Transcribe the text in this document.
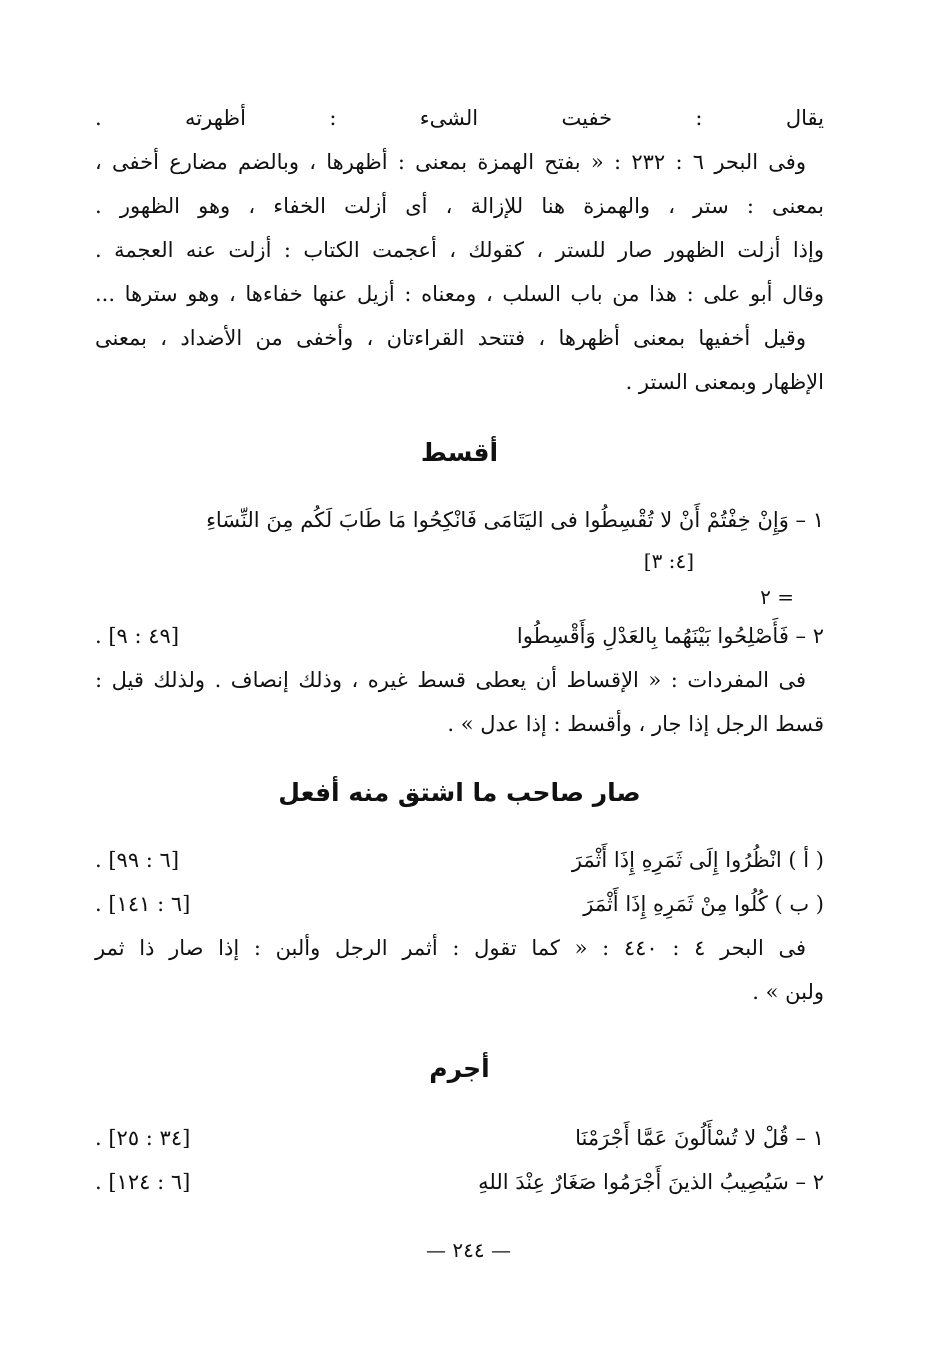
يقال : خفيت الشىء : أظهرته .
وفى البحر ٦ : ٢٣٢ : « بفتح الهمزة بمعنى : أظهرها ، وبالضم مضارع أخفى ،
بمعنى : ستر ، والهمزة هنا للإزالة ، أى أزلت الخفاء ، وهو الظهور .
وإذا أزلت الظهور صار للستر ، كقولك ، أعجمت الكتاب : أزلت عنه العجمة .
وقال أبو على : هذا من باب السلب ، ومعناه : أزيل عنها خفاءها ، وهو سترها ...
وقيل أخفيها بمعنى أظهرها ، فتتحد القراءتان ، وأخفى من الأضداد ، بمعنى
الإظهار وبمعنى الستر .
أقسط
١ – وَإِنْ خِفْتُمْ أَنْ لا تُقْسِطُوا فى اليَتَامَى فَانْكِحُوا مَا طَابَ لَكُم مِنَ النِّسَاءِ
[٤: ٣]
= ٢
٢ – فَأَصْلِحُوا بَيْنَهُما بِالعَدْلِ وَأَقْسِطُوا
[٤٩ : ٩] .
فى المفردات : « الإقساط أن يعطى قسط غيره ، وذلك إنصاف . ولذلك قيل :
قسط الرجل إذا جار ، وأقسط : إذا عدل » .
صار صاحب ما اشتق منه أفعل
( أ ) انْظُرُوا إِلَى ثَمَرِهِ إِذَا أَثْمَرَ
[٦ : ٩٩] .
( ب ) كُلُوا مِنْ ثَمَرِهِ إِذَا أَثْمَرَ
[٦ : ١٤١] .
فى البحر ٤ : ٤٤٠ : « كما تقول : أثمر الرجل وألبن : إذا صار ذا ثمر
ولبن » .
أجرم
١ – قُلْ لا تُسْأَلُونَ عَمَّا أَجْرَمْنَا
[٣٤ : ٢٥] .
٢ – سَيُصِيبُ الذينَ أَجْرَمُوا صَغَارٌ عِنْدَ اللهِ
[٦ : ١٢٤] .
— ٢٤٤ —
